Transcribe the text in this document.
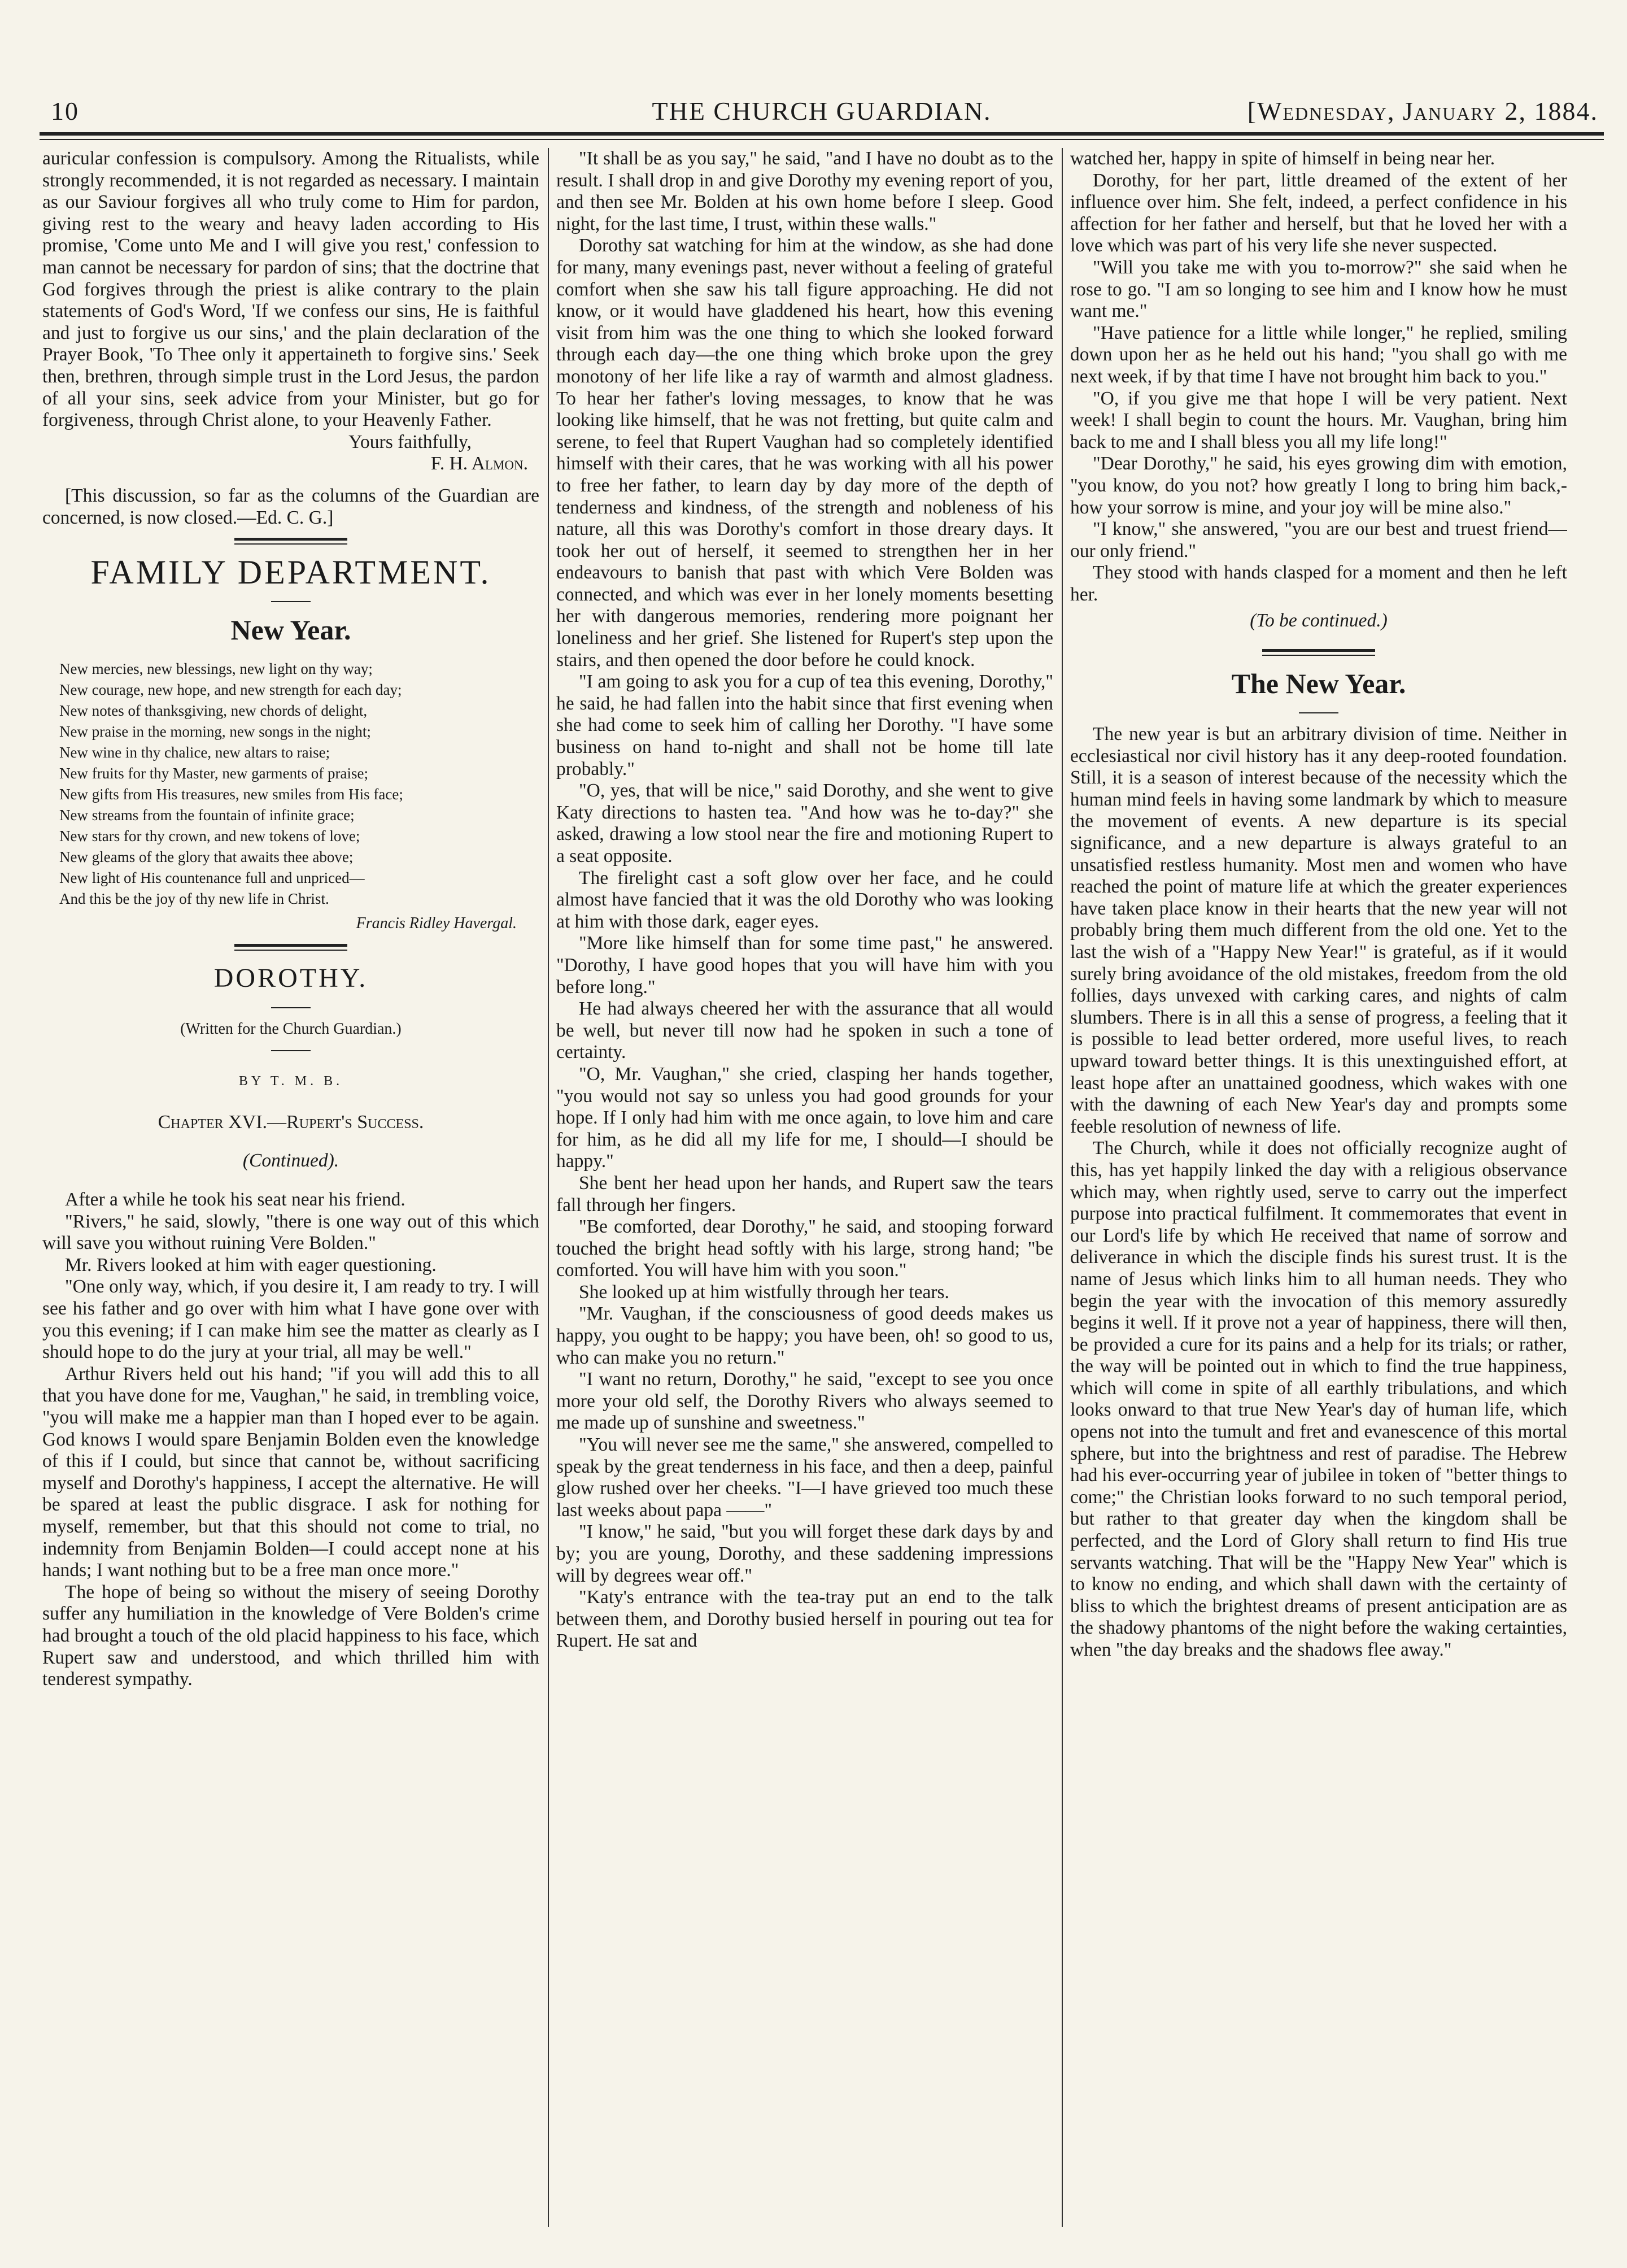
10	THE CHURCH GUARDIAN.	[Wednesday, January 2, 1884.

auricular confession is compulsory. Among the Ritualists, while strongly recommended, it is not regarded as necessary. I maintain as our Saviour forgives all who truly come to Him for pardon, giving rest to the weary and heavy laden according to His promise, 'Come unto Me and I will give you rest,' confession to man cannot be necessary for pardon of sins; that the doctrine that God forgives through the priest is alike contrary to the plain statements of God's Word, 'If we confess our sins, He is faithful and just to forgive us our sins,' and the plain declaration of the Prayer Book, 'To Thee only it appertaineth to forgive sins.' Seek then, brethren, through simple trust in the Lord Jesus, the pardon of all your sins, seek advice from your Minister, but go for forgiveness, through Christ alone, to your Heavenly Father.

Yours faithfully,

F. H. Almon.

[This discussion, so far as the columns of the Guardian are concerned, is now closed.—Ed. C. G.]

FAMILY DEPARTMENT.
New Year.
New mercies, new blessings, new light on thy way;
New courage, new hope, and new strength for each day;
New notes of thanksgiving, new chords of delight,
New praise in the morning, new songs in the night;
New wine in thy chalice, new altars to raise;
New fruits for thy Master, new garments of praise;
New gifts from His treasures, new smiles from His face;
New streams from the fountain of infinite grace;
New stars for thy crown, and new tokens of love;
New gleams of the glory that awaits thee above;
New light of His countenance full and unpriced—
And this be the joy of thy new life in Christ.
Francis Ridley Havergal.
DOROTHY.

(Written for the Church Guardian.)

BY T. M. B.
Chapter XVI.—Rupert's Success.
(Continued).

After a while he took his seat near his friend.

"Rivers," he said, slowly, "there is one way out of this which will save you without ruining Vere Bolden."

Mr. Rivers looked at him with eager questioning.

"One only way, which, if you desire it, I am ready to try. I will see his father and go over with him what I have gone over with you this evening; if I can make him see the matter as clearly as I should hope to do the jury at your trial, all may be well."

Arthur Rivers held out his hand; "if you will add this to all that you have done for me, Vaughan," he said, in trembling voice, "you will make me a happier man than I hoped ever to be again. God knows I would spare Benjamin Bolden even the knowledge of this if I could, but since that cannot be, without sacrificing myself and Dorothy's happiness, I accept the alternative. He will be spared at least the public disgrace. I ask for nothing for myself, remember, but that this should not come to trial, no indemnity from Benjamin Bolden—I could accept none at his hands; I want nothing but to be a free man once more."

The hope of being so without the misery of seeing Dorothy suffer any humiliation in the knowledge of Vere Bolden's crime had brought a touch of the old placid happiness to his face, which Rupert saw and understood, and which thrilled him with tenderest sympathy.

"It shall be as you say," he said, "and I have no doubt as to the result. I shall drop in and give Dorothy my evening report of you, and then see Mr. Bolden at his own home before I sleep. Good night, for the last time, I trust, within these walls."

Dorothy sat watching for him at the window, as she had done for many, many evenings past, never without a feeling of grateful comfort when she saw his tall figure approaching. He did not know, or it would have gladdened his heart, how this evening visit from him was the one thing to which she looked forward through each day—the one thing which broke upon the grey monotony of her life like a ray of warmth and almost gladness. To hear her father's loving messages, to know that he was looking like himself, that he was not fretting, but quite calm and serene, to feel that Rupert Vaughan had so completely identified himself with their cares, that he was working with all his power to free her father, to learn day by day more of the depth of tenderness and kindness, of the strength and nobleness of his nature, all this was Dorothy's comfort in those dreary days. It took her out of herself, it seemed to strengthen her in her endeavours to banish that past with which Vere Bolden was connected, and which was ever in her lonely moments besetting her with dangerous memories, rendering more poignant her loneliness and her grief. She listened for Rupert's step upon the stairs, and then opened the door before he could knock.

"I am going to ask you for a cup of tea this evening, Dorothy," he said, he had fallen into the habit since that first evening when she had come to seek him of calling her Dorothy. "I have some business on hand to-night and shall not be home till late probably."

"O, yes, that will be nice," said Dorothy, and she went to give Katy directions to hasten tea. "And how was he to-day?" she asked, drawing a low stool near the fire and motioning Rupert to a seat opposite.

The firelight cast a soft glow over her face, and he could almost have fancied that it was the old Dorothy who was looking at him with those dark, eager eyes.

"More like himself than for some time past," he answered. "Dorothy, I have good hopes that you will have him with you before long."

He had always cheered her with the assurance that all would be well, but never till now had he spoken in such a tone of certainty.

"O, Mr. Vaughan," she cried, clasping her hands together, "you would not say so unless you had good grounds for your hope. If I only had him with me once again, to love him and care for him, as he did all my life for me, I should—I should be happy."

She bent her head upon her hands, and Rupert saw the tears fall through her fingers.

"Be comforted, dear Dorothy," he said, and stooping forward touched the bright head softly with his large, strong hand; "be comforted. You will have him with you soon."

She looked up at him wistfully through her tears.

"Mr. Vaughan, if the consciousness of good deeds makes us happy, you ought to be happy; you have been, oh! so good to us, who can make you no return."

"I want no return, Dorothy," he said, "except to see you once more your old self, the Dorothy Rivers who always seemed to me made up of sunshine and sweetness."

"You will never see me the same," she answered, compelled to speak by the great tenderness in his face, and then a deep, painful glow rushed over her cheeks. "I—I have grieved too much these last weeks about papa ——"

"I know," he said, "but you will forget these dark days by and by; you are young, Dorothy, and these saddening impressions will by degrees wear off."

"Katy's entrance with the tea-tray put an end to the talk between them, and Dorothy busied herself in pouring out tea for Rupert. He sat and

watched her, happy in spite of himself in being near her.

Dorothy, for her part, little dreamed of the extent of her influence over him. She felt, indeed, a perfect confidence in his affection for her father and herself, but that he loved her with a love which was part of his very life she never suspected.

"Will you take me with you to-morrow?" she said when he rose to go. "I am so longing to see him and I know how he must want me."

"Have patience for a little while longer," he replied, smiling down upon her as he held out his hand; "you shall go with me next week, if by that time I have not brought him back to you."

"O, if you give me that hope I will be very patient. Next week! I shall begin to count the hours. Mr. Vaughan, bring him back to me and I shall bless you all my life long!"

"Dear Dorothy," he said, his eyes growing dim with emotion, "you know, do you not? how greatly I long to bring him back,- how your sorrow is mine, and your joy will be mine also."

"I know," she answered, "you are our best and truest friend—our only friend."

They stood with hands clasped for a moment and then he left her.

(To be continued.)
The New Year.

The new year is but an arbitrary division of time. Neither in ecclesiastical nor civil history has it any deep-rooted foundation. Still, it is a season of interest because of the necessity which the human mind feels in having some landmark by which to measure the movement of events. A new departure is its special significance, and a new departure is always grateful to an unsatisfied restless humanity. Most men and women who have reached the point of mature life at which the greater experiences have taken place know in their hearts that the new year will not probably bring them much different from the old one. Yet to the last the wish of a "Happy New Year!" is grateful, as if it would surely bring avoidance of the old mistakes, freedom from the old follies, days unvexed with carking cares, and nights of calm slumbers. There is in all this a sense of progress, a feeling that it is possible to lead better ordered, more useful lives, to reach upward toward better things. It is this unextinguished effort, at least hope after an unattained goodness, which wakes with one with the dawning of each New Year's day and prompts some feeble resolution of newness of life.

The Church, while it does not officially recognize aught of this, has yet happily linked the day with a religious observance which may, when rightly used, serve to carry out the imperfect purpose into practical fulfilment. It commemorates that event in our Lord's life by which He received that name of sorrow and deliverance in which the disciple finds his surest trust. It is the name of Jesus which links him to all human needs. They who begin the year with the invocation of this memory assuredly begins it well. If it prove not a year of happiness, there will then, be provided a cure for its pains and a help for its trials; or rather, the way will be pointed out in which to find the true happiness, which will come in spite of all earthly tribulations, and which looks onward to that true New Year's day of human life, which opens not into the tumult and fret and evanescence of this mortal sphere, but into the brightness and rest of paradise. The Hebrew had his ever-occurring year of jubilee in token of "better things to come;" the Christian looks forward to no such temporal period, but rather to that greater day when the kingdom shall be perfected, and the Lord of Glory shall return to find His true servants watching. That will be the "Happy New Year" which is to know no ending, and which shall dawn with the certainty of bliss to which the brightest dreams of present anticipation are as the shadowy phantoms of the night before the waking certainties, when "the day breaks and the shadows flee away."
